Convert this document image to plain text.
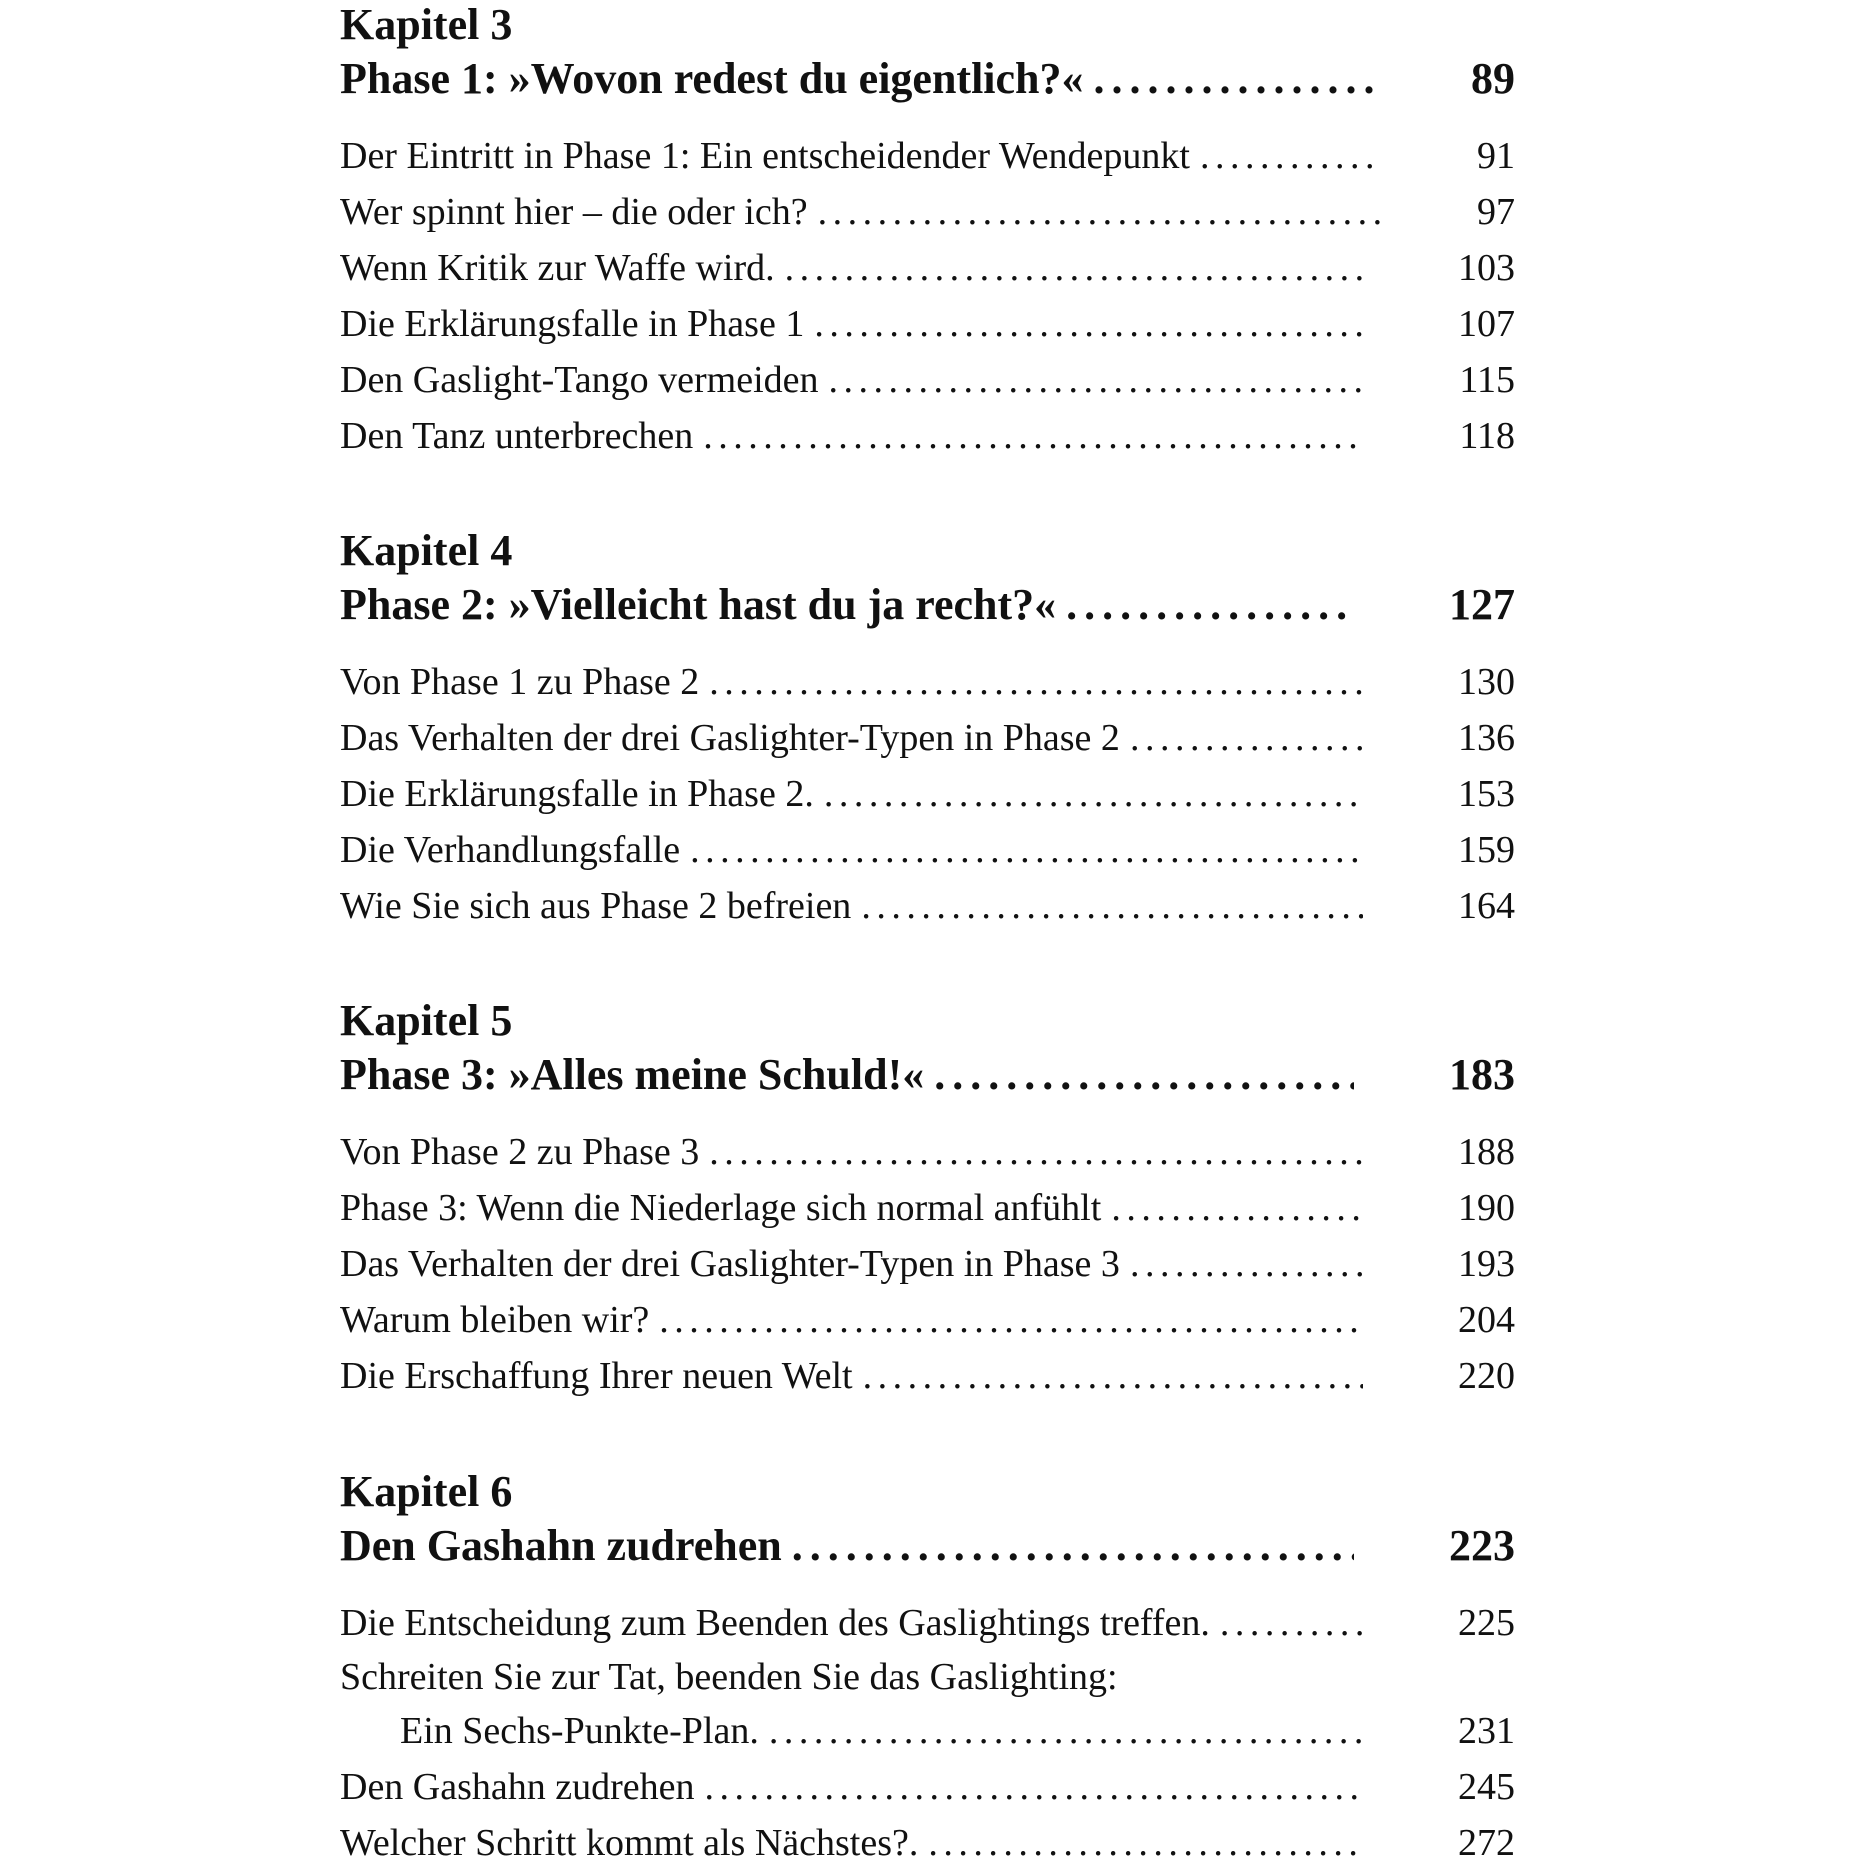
Kapitel 3
Phase 1: »Wovon redest du eigentlich?« . . .	89
Der Eintritt in Phase 1: Ein entscheidender Wendepunkt . . .	91
Wer spinnt hier – die oder ich? . . .	97
Wenn Kritik zur Waffe wird. . . .	103
Die Erklärungsfalle in Phase 1 . . .	107
Den Gaslight-Tango vermeiden . . .	115
Den Tanz unterbrechen . . .	118
Kapitel 4
Phase 2: »Vielleicht hast du ja recht?« . . .	127
Von Phase 1 zu Phase 2 . . .	130
Das Verhalten der drei Gaslighter-Typen in Phase 2 . . .	136
Die Erklärungsfalle in Phase 2. . . .	153
Die Verhandlungsfalle . . .	159
Wie Sie sich aus Phase 2 befreien . . .	164
Kapitel 5
Phase 3: »Alles meine Schuld!« . . .	183
Von Phase 2 zu Phase 3 . . .	188
Phase 3: Wenn die Niederlage sich normal anfühlt . . .	190
Das Verhalten der drei Gaslighter-Typen in Phase 3 . . .	193
Warum bleiben wir? . . .	204
Die Erschaffung Ihrer neuen Welt . . .	220
Kapitel 6
Den Gashahn zudrehen . . .	223
Die Entscheidung zum Beenden des Gaslightings treffen. . . .	225
Schreiten Sie zur Tat, beenden Sie das Gaslighting:
Ein Sechs-Punkte-Plan. . . .	231
Den Gashahn zudrehen . . .	245
Welcher Schritt kommt als Nächstes?. . . .	272
